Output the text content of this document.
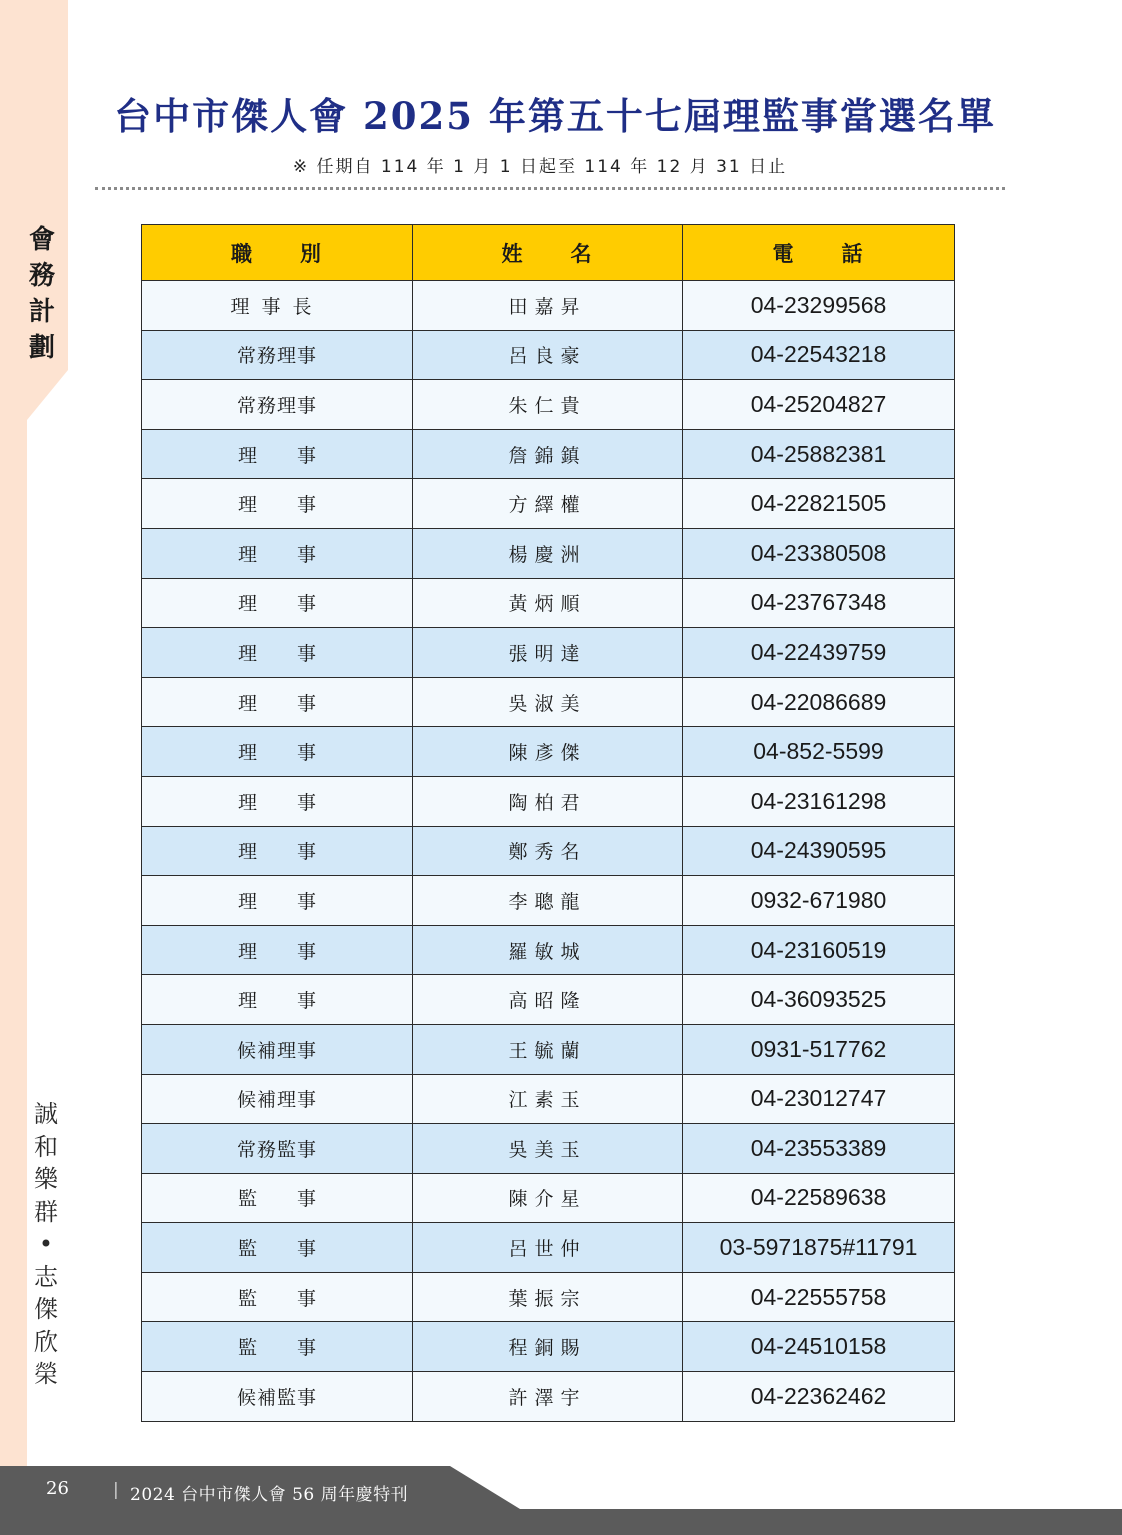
會
務
計
劃
誠
和
樂
群
•
志
傑
欣
榮
台中市傑人會 2025 年第五十七屆理監事當選名單
※ 任期自 114 年 1 月 1 日起至 114 年 12 月 31 日止
職　　別	姓　　名	電　　話
理事長	田嘉昇	04-23299568
常務理事	呂良豪	04-22543218
常務理事	朱仁貴	04-25204827

理 事	詹錦鎮	04-25882381

理 事	方繹權	04-22821505

理 事	楊慶洲	04-23380508

理 事	黃炳順	04-23767348

理 事	張明達	04-22439759

理 事	吳淑美	04-22086689

理 事	陳彥傑	04-852-5599

理 事	陶柏君	04-23161298

理 事	鄭秀名	04-24390595

理 事	李聰龍	0932-671980

理 事	羅敏城	04-23160519

理 事	高昭隆	04-36093525
候補理事	王毓蘭	0931-517762
候補理事	江素玉	04-23012747
常務監事	吳美玉	04-23553389

監 事	陳介星	04-22589638

監 事	呂世仲	03-5971875#11791

監 事	葉振宗	04-22555758

監 事	程銅賜	04-24510158
候補監事	許澤宇	04-22362462
26	| 2024 台中市傑人會 56 周年慶特刊
